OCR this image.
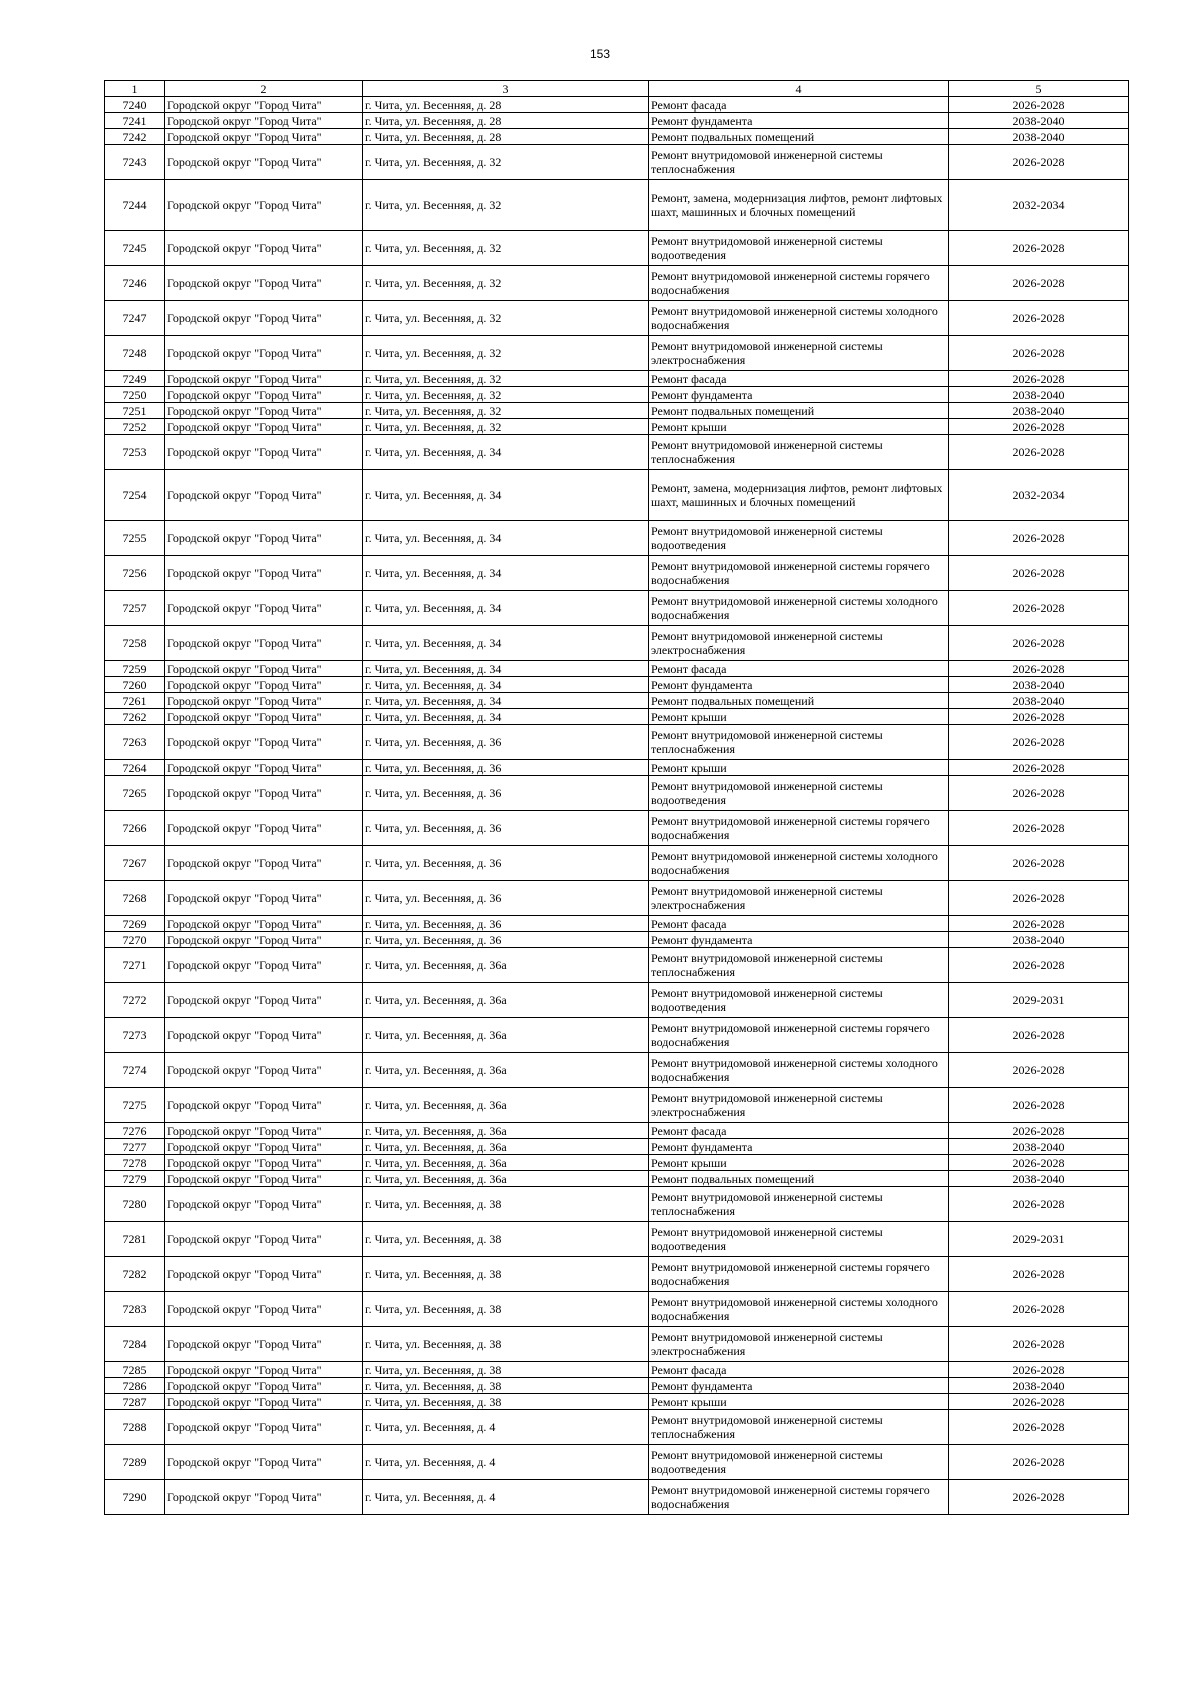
153
1	2	3	4	5
7240	Городской округ "Город Чита"	г. Чита, ул. Весенняя, д. 28	Ремонт фасада	2026-2028
7241	Городской округ "Город Чита"	г. Чита, ул. Весенняя, д. 28	Ремонт фундамента	2038-2040
7242	Городской округ "Город Чита"	г. Чита, ул. Весенняя, д. 28	Ремонт подвальных помещений	2038-2040
7243	Городской округ "Город Чита"	г. Чита, ул. Весенняя, д. 32	Ремонт внутридомовой инженерной системы теплоснабжения	2026-2028
7244	Городской округ "Город Чита"	г. Чита, ул. Весенняя, д. 32	Ремонт, замена, модернизация лифтов, ремонт лифтовых шахт, машинных и блочных помещений	2032-2034
7245	Городской округ "Город Чита"	г. Чита, ул. Весенняя, д. 32	Ремонт внутридомовой инженерной системы водоотведения	2026-2028
7246	Городской округ "Город Чита"	г. Чита, ул. Весенняя, д. 32	Ремонт внутридомовой инженерной системы горячего водоснабжения	2026-2028
7247	Городской округ "Город Чита"	г. Чита, ул. Весенняя, д. 32	Ремонт внутридомовой инженерной системы холодного водоснабжения	2026-2028
7248	Городской округ "Город Чита"	г. Чита, ул. Весенняя, д. 32	Ремонт внутридомовой инженерной системы электроснабжения	2026-2028
7249	Городской округ "Город Чита"	г. Чита, ул. Весенняя, д. 32	Ремонт фасада	2026-2028
7250	Городской округ "Город Чита"	г. Чита, ул. Весенняя, д. 32	Ремонт фундамента	2038-2040
7251	Городской округ "Город Чита"	г. Чита, ул. Весенняя, д. 32	Ремонт подвальных помещений	2038-2040
7252	Городской округ "Город Чита"	г. Чита, ул. Весенняя, д. 32	Ремонт крыши	2026-2028
7253	Городской округ "Город Чита"	г. Чита, ул. Весенняя, д. 34	Ремонт внутридомовой инженерной системы теплоснабжения	2026-2028
7254	Городской округ "Город Чита"	г. Чита, ул. Весенняя, д. 34	Ремонт, замена, модернизация лифтов, ремонт лифтовых шахт, машинных и блочных помещений	2032-2034
7255	Городской округ "Город Чита"	г. Чита, ул. Весенняя, д. 34	Ремонт внутридомовой инженерной системы водоотведения	2026-2028
7256	Городской округ "Город Чита"	г. Чита, ул. Весенняя, д. 34	Ремонт внутридомовой инженерной системы горячего водоснабжения	2026-2028
7257	Городской округ "Город Чита"	г. Чита, ул. Весенняя, д. 34	Ремонт внутридомовой инженерной системы холодного водоснабжения	2026-2028
7258	Городской округ "Город Чита"	г. Чита, ул. Весенняя, д. 34	Ремонт внутридомовой инженерной системы электроснабжения	2026-2028
7259	Городской округ "Город Чита"	г. Чита, ул. Весенняя, д. 34	Ремонт фасада	2026-2028
7260	Городской округ "Город Чита"	г. Чита, ул. Весенняя, д. 34	Ремонт фундамента	2038-2040
7261	Городской округ "Город Чита"	г. Чита, ул. Весенняя, д. 34	Ремонт подвальных помещений	2038-2040
7262	Городской округ "Город Чита"	г. Чита, ул. Весенняя, д. 34	Ремонт крыши	2026-2028
7263	Городской округ "Город Чита"	г. Чита, ул. Весенняя, д. 36	Ремонт внутридомовой инженерной системы теплоснабжения	2026-2028
7264	Городской округ "Город Чита"	г. Чита, ул. Весенняя, д. 36	Ремонт крыши	2026-2028
7265	Городской округ "Город Чита"	г. Чита, ул. Весенняя, д. 36	Ремонт внутридомовой инженерной системы водоотведения	2026-2028
7266	Городской округ "Город Чита"	г. Чита, ул. Весенняя, д. 36	Ремонт внутридомовой инженерной системы горячего водоснабжения	2026-2028
7267	Городской округ "Город Чита"	г. Чита, ул. Весенняя, д. 36	Ремонт внутридомовой инженерной системы холодного водоснабжения	2026-2028
7268	Городской округ "Город Чита"	г. Чита, ул. Весенняя, д. 36	Ремонт внутридомовой инженерной системы электроснабжения	2026-2028
7269	Городской округ "Город Чита"	г. Чита, ул. Весенняя, д. 36	Ремонт фасада	2026-2028
7270	Городской округ "Город Чита"	г. Чита, ул. Весенняя, д. 36	Ремонт фундамента	2038-2040
7271	Городской округ "Город Чита"	г. Чита, ул. Весенняя, д. 36а	Ремонт внутридомовой инженерной системы теплоснабжения	2026-2028
7272	Городской округ "Город Чита"	г. Чита, ул. Весенняя, д. 36а	Ремонт внутридомовой инженерной системы водоотведения	2029-2031
7273	Городской округ "Город Чита"	г. Чита, ул. Весенняя, д. 36а	Ремонт внутридомовой инженерной системы горячего водоснабжения	2026-2028
7274	Городской округ "Город Чита"	г. Чита, ул. Весенняя, д. 36а	Ремонт внутридомовой инженерной системы холодного водоснабжения	2026-2028
7275	Городской округ "Город Чита"	г. Чита, ул. Весенняя, д. 36а	Ремонт внутридомовой инженерной системы электроснабжения	2026-2028
7276	Городской округ "Город Чита"	г. Чита, ул. Весенняя, д. 36а	Ремонт фасада	2026-2028
7277	Городской округ "Город Чита"	г. Чита, ул. Весенняя, д. 36а	Ремонт фундамента	2038-2040
7278	Городской округ "Город Чита"	г. Чита, ул. Весенняя, д. 36а	Ремонт крыши	2026-2028
7279	Городской округ "Город Чита"	г. Чита, ул. Весенняя, д. 36а	Ремонт подвальных помещений	2038-2040
7280	Городской округ "Город Чита"	г. Чита, ул. Весенняя, д. 38	Ремонт внутридомовой инженерной системы теплоснабжения	2026-2028
7281	Городской округ "Город Чита"	г. Чита, ул. Весенняя, д. 38	Ремонт внутридомовой инженерной системы водоотведения	2029-2031
7282	Городской округ "Город Чита"	г. Чита, ул. Весенняя, д. 38	Ремонт внутридомовой инженерной системы горячего водоснабжения	2026-2028
7283	Городской округ "Город Чита"	г. Чита, ул. Весенняя, д. 38	Ремонт внутридомовой инженерной системы холодного водоснабжения	2026-2028
7284	Городской округ "Город Чита"	г. Чита, ул. Весенняя, д. 38	Ремонт внутридомовой инженерной системы электроснабжения	2026-2028
7285	Городской округ "Город Чита"	г. Чита, ул. Весенняя, д. 38	Ремонт фасада	2026-2028
7286	Городской округ "Город Чита"	г. Чита, ул. Весенняя, д. 38	Ремонт фундамента	2038-2040
7287	Городской округ "Город Чита"	г. Чита, ул. Весенняя, д. 38	Ремонт крыши	2026-2028
7288	Городской округ "Город Чита"	г. Чита, ул. Весенняя, д. 4	Ремонт внутридомовой инженерной системы теплоснабжения	2026-2028
7289	Городской округ "Город Чита"	г. Чита, ул. Весенняя, д. 4	Ремонт внутридомовой инженерной системы водоотведения	2026-2028
7290	Городской округ "Город Чита"	г. Чита, ул. Весенняя, д. 4	Ремонт внутридомовой инженерной системы горячего водоснабжения	2026-2028
